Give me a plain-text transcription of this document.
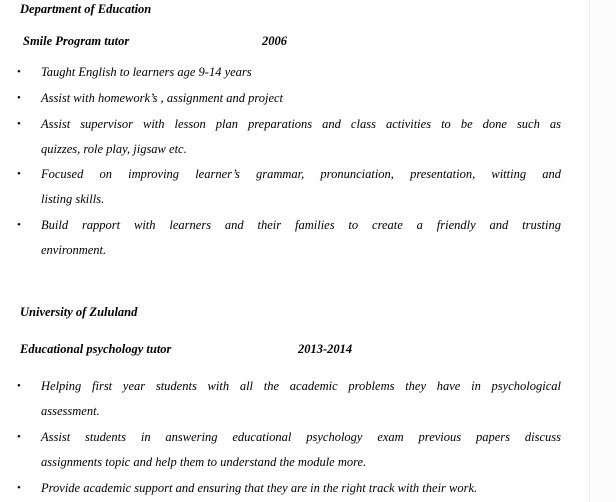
Department of Education
Smile Program tutor	2006
• Taught English to learners age 9-14 years
• Assist with homework’s , assignment and project
• Assist supervisor with lesson plan preparations and class activities to be done such as
quizzes, role play, jigsaw etc.
• Focused on improving learner’s grammar, pronunciation, presentation, witting and
listing skills.
• Build rapport with learners and their families to create a friendly and trusting
environment.
University of Zululand
Educational psychology tutor	2013-2014
• Helping first year students with all the academic problems they have in psychological
assessment.
• Assist students in answering educational psychology exam previous papers discuss
assignments topic and help them to understand the module more.
• Provide academic support and ensuring that they are in the right track with their work.
